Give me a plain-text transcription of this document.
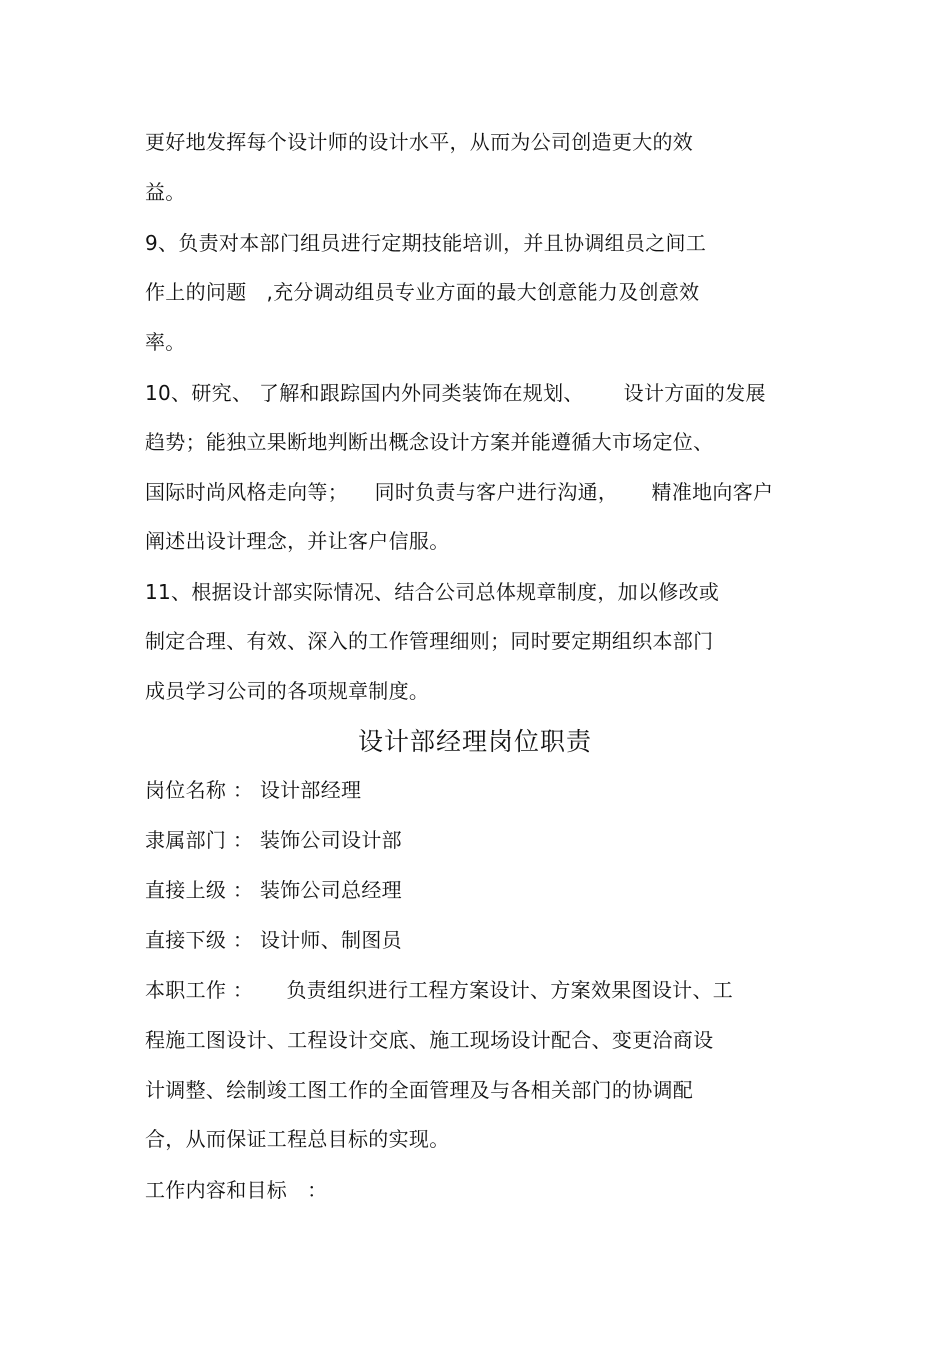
更好地发挥每个设计师的设计水平，从而为公司创造更大的效
益。
9、负责对本部门组员进行定期技能培训，并且协调组员之间工
作上的问题   ,充分调动组员专业方面的最大创意能力及创意效
率。
10、研究、 了解和跟踪国内外同类装饰在规划、      设计方面的发展
趋势；能独立果断地判断出概念设计方案并能遵循大市场定位、
国际时尚风格走向等；    同时负责与客户进行沟通，     精准地向客户
阐述出设计理念，并让客户信服。
11、根据设计部实际情况、结合公司总体规章制度，加以修改或
制定合理、有效、深入的工作管理细则；同时要定期组织本部门
成员学习公司的各项规章制度。
设计部经理岗位职责
岗位名称 ： 设计部经理
隶属部门 ： 装饰公司设计部
直接上级 ： 装饰公司总经理
直接下级 ： 设计师、制图员
本职工作 ：     负责组织进行工程方案设计、方案效果图设计、工
程施工图设计、工程设计交底、施工现场设计配合、变更洽商设
计调整、绘制竣工图工作的全面管理及与各相关部门的协调配
合，从而保证工程总目标的实现。
工作内容和目标   ：
